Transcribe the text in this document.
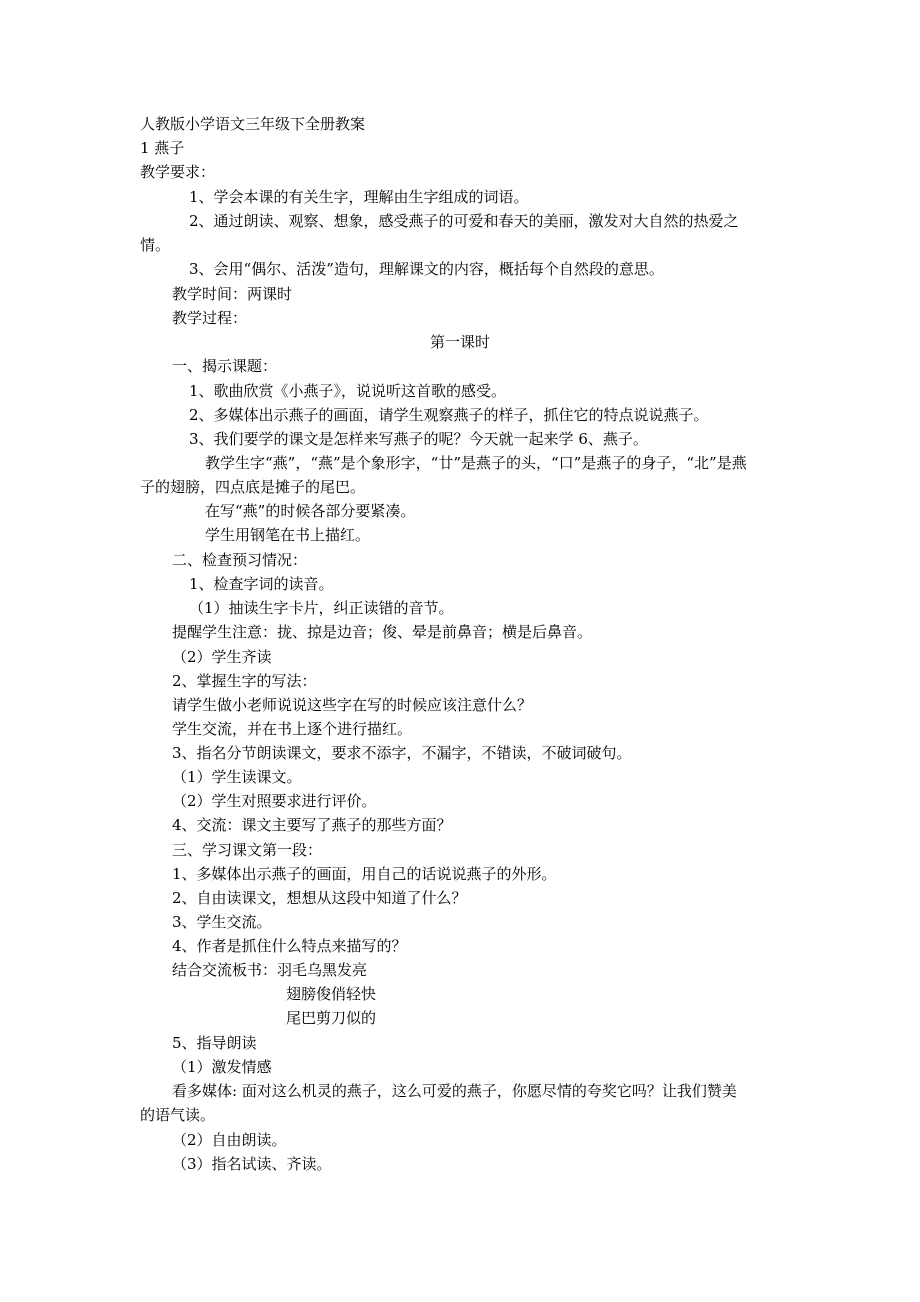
人教版小学语文三年级下全册教案

1 燕子

教学要求：

1、学会本课的有关生字，理解由生字组成的词语。

2、通过朗读、观察、想象，感受燕子的可爱和春天的美丽，激发对大自然的热爱之

情。

3、会用“偶尔、活泼”造句，理解课文的内容，概括每个自然段的意思。

教学时间：两课时

教学过程：

第一课时

一、揭示课题：

1、歌曲欣赏《小燕子》，说说听这首歌的感受。

2、多媒体出示燕子的画面，请学生观察燕子的样子，抓住它的特点说说燕子。

3、我们要学的课文是怎样来写燕子的呢？今天就一起来学 6、燕子。

教学生字“燕”，“燕”是个象形字，“廿”是燕子的头，“口”是燕子的身子，“北”是燕

子的翅膀，四点底是摊子的尾巴。

在写“燕”的时候各部分要紧凑。

学生用钢笔在书上描红。

二、检查预习情况：

1、检查字词的读音。

（1）抽读生字卡片，纠正读错的音节。

提醒学生注意：拢、掠是边音；俊、晕是前鼻音；横是后鼻音。

（2）学生齐读

2、掌握生字的写法：

请学生做小老师说说这些字在写的时候应该注意什么？

学生交流，并在书上逐个进行描红。

3、指名分节朗读课文，要求不添字，不漏字，不错读，不破词破句。

（1）学生读课文。

（2）学生对照要求进行评价。

4、交流：课文主要写了燕子的那些方面？

三、学习课文第一段：

1、多媒体出示燕子的画面，用自己的话说说燕子的外形。

2、自由读课文，想想从这段中知道了什么？

3、学生交流。

4、作者是抓住什么特点来描写的？

结合交流板书：羽毛乌黑发亮

翅膀俊俏轻快

尾巴剪刀似的

5、指导朗读

（1）激发情感

看多媒体: 面对这么机灵的燕子，这么可爱的燕子，你愿尽情的夸奖它吗？让我们赞美

的语气读。

（2）自由朗读。

（3）指名试读、齐读。
